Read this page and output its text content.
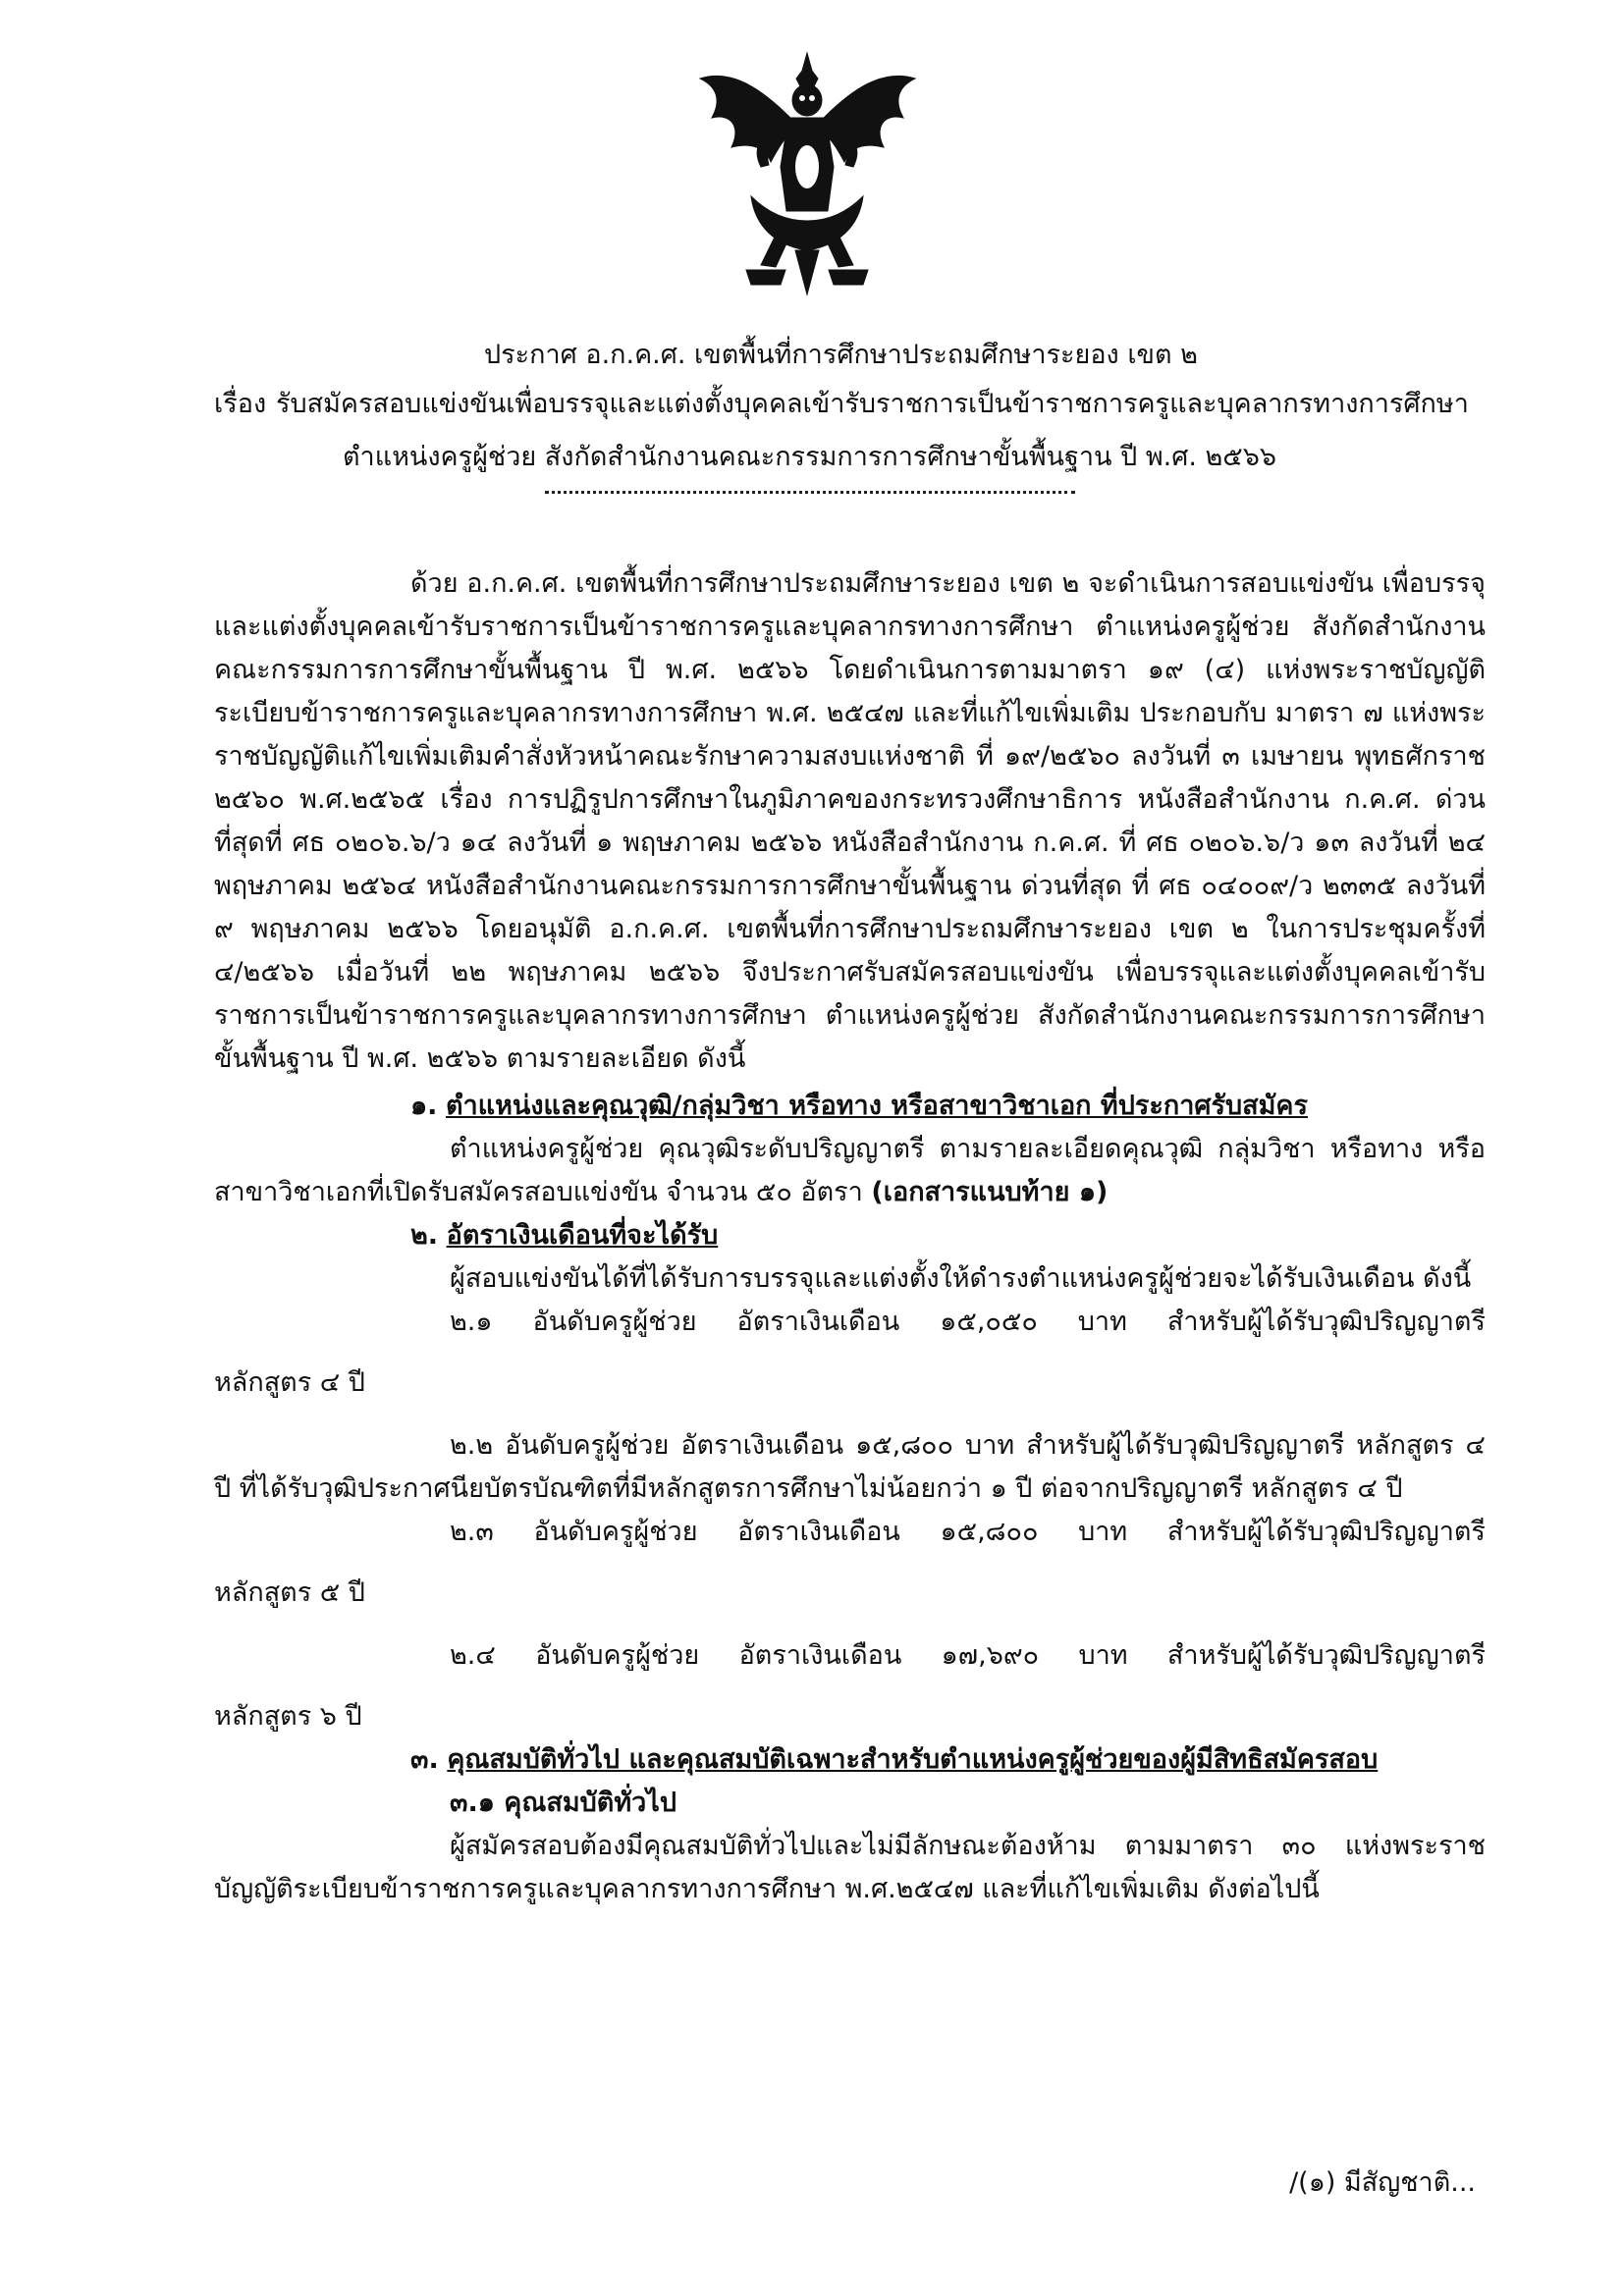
ประกาศ อ.ก.ค.ศ. เขตพื้นที่การศึกษาประถมศึกษาระยอง เขต ๒
เรื่อง รับสมัครสอบแข่งขันเพื่อบรรจุและแต่งตั้งบุคคลเข้ารับราชการเป็นข้าราชการครูและบุคลากรทางการศึกษา
ตำแหน่งครูผู้ช่วย สังกัดสำนักงานคณะกรรมการการศึกษาขั้นพื้นฐาน ปี พ.ศ. ๒๕๖๖

ด้วย อ.ก.ค.ศ. เขตพื้นที่การศึกษาประถมศึกษาระยอง เขต ๒ จะดำเนินการสอบแข่งขัน เพื่อบรรจุและแต่งตั้งบุคคลเข้ารับราชการเป็นข้าราชการครูและบุคลากรทางการศึกษา ตำแหน่งครูผู้ช่วย สังกัดสำนักงานคณะกรรมการการศึกษาขั้นพื้นฐาน ปี พ.ศ. ๒๕๖๖ โดยดำเนินการตามมาตรา ๑๙ (๔) แห่งพระราชบัญญัติระเบียบข้าราชการครูและบุคลากรทางการศึกษา พ.ศ. ๒๕๔๗ และที่แก้ไขเพิ่มเติม ประกอบกับ มาตรา ๗ แห่งพระราชบัญญัติแก้ไขเพิ่มเติมคำสั่งหัวหน้าคณะรักษาความสงบแห่งชาติ ที่ ๑๙/๒๕๖๐ ลงวันที่ ๓ เมษายน พุทธศักราช ๒๕๖๐ พ.ศ.๒๕๖๕ เรื่อง การปฏิรูปการศึกษาในภูมิภาคของกระทรวงศึกษาธิการ หนังสือสำนักงาน ก.ค.ศ. ด่วนที่สุดที่ ศธ ๐๒๐๖.๖/ว ๑๔ ลงวันที่ ๑ พฤษภาคม ๒๕๖๖ หนังสือสำนักงาน ก.ค.ศ. ที่ ศธ ๐๒๐๖.๖/ว ๑๓ ลงวันที่ ๒๔ พฤษภาคม ๒๕๖๔ หนังสือสำนักงานคณะกรรมการการศึกษาขั้นพื้นฐาน ด่วนที่สุด ที่ ศธ ๐๔๐๐๙/ว ๒๓๓๕ ลงวันที่ ๙ พฤษภาคม ๒๕๖๖ โดยอนุมัติ อ.ก.ค.ศ. เขตพื้นที่การศึกษาประถมศึกษาระยอง เขต ๒ ในการประชุมครั้งที่ ๔/๒๕๖๖ เมื่อวันที่ ๒๒ พฤษภาคม ๒๕๖๖ จึงประกาศรับสมัครสอบแข่งขัน เพื่อบรรจุและแต่งตั้งบุคคลเข้ารับราชการเป็นข้าราชการครูและบุคลากรทางการศึกษา ตำแหน่งครูผู้ช่วย สังกัดสำนักงานคณะกรรมการการศึกษาขั้นพื้นฐาน ปี พ.ศ. ๒๕๖๖ ตามรายละเอียด ดังนี้

๑. ตำแหน่งและคุณวุฒิ/กลุ่มวิชา หรือทาง หรือสาขาวิชาเอก ที่ประกาศรับสมัคร

ตำแหน่งครูผู้ช่วย คุณวุฒิระดับปริญญาตรี ตามรายละเอียดคุณวุฒิ กลุ่มวิชา หรือทาง หรือสาขาวิชาเอกที่เปิดรับสมัครสอบแข่งขัน จำนวน ๕๐ อัตรา (เอกสารแนบท้าย ๑)

๒. อัตราเงินเดือนที่จะได้รับ

ผู้สอบแข่งขันได้ที่ได้รับการบรรจุและแต่งตั้งให้ดำรงตำแหน่งครูผู้ช่วยจะได้รับเงินเดือน ดังนี้

๒.๑ อันดับครูผู้ช่วย อัตราเงินเดือน ๑๕,๐๕๐ บาท สำหรับผู้ได้รับวุฒิปริญญาตรี

หลักสูตร ๔ ปี

๒.๒ อันดับครูผู้ช่วย อัตราเงินเดือน ๑๕,๘๐๐ บาท สำหรับผู้ได้รับวุฒิปริญญาตรี หลักสูตร ๔ ปี ที่ได้รับวุฒิประกาศนียบัตรบัณฑิตที่มีหลักสูตรการศึกษาไม่น้อยกว่า ๑ ปี ต่อจากปริญญาตรี หลักสูตร ๔ ปี

๒.๓ อันดับครูผู้ช่วย อัตราเงินเดือน ๑๕,๘๐๐ บาท สำหรับผู้ได้รับวุฒิปริญญาตรี

หลักสูตร ๕ ปี

๒.๔ อันดับครูผู้ช่วย อัตราเงินเดือน ๑๗,๖๙๐ บาท สำหรับผู้ได้รับวุฒิปริญญาตรี

หลักสูตร ๖ ปี

๓. คุณสมบัติทั่วไป และคุณสมบัติเฉพาะสำหรับตำแหน่งครูผู้ช่วยของผู้มีสิทธิสมัครสอบ

๓.๑ คุณสมบัติทั่วไป

ผู้สมัครสอบต้องมีคุณสมบัติทั่วไปและไม่มีลักษณะต้องห้าม ตามมาตรา ๓๐ แห่งพระราชบัญญัติระเบียบข้าราชการครูและบุคลากรทางการศึกษา พ.ศ.๒๕๔๗ และที่แก้ไขเพิ่มเติม ดังต่อไปนี้

/(๑) มีสัญชาติ...
